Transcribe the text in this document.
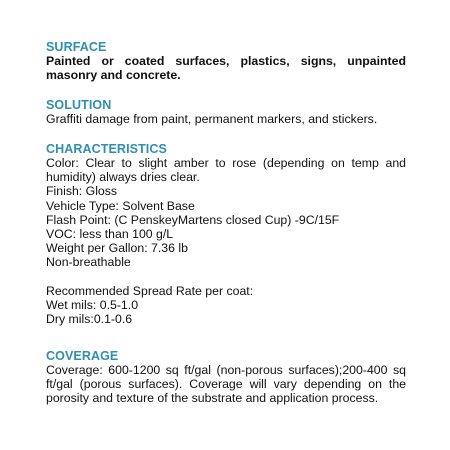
SURFACE

Painted or coated surfaces, plastics, signs, unpainted masonry and concrete.

SOLUTION

Graffiti damage from paint, permanent markers, and stickers.

CHARACTERISTICS

Color: Clear to slight amber to rose (depending on temp and humidity) always dries clear.

Finish: Gloss
Vehicle Type: Solvent Base
Flash Point: (C PenskeyMartens closed Cup) -9C/15F
VOC: less than 100 g/L
Weight per Gallon: 7.36 lb
Non-breathable
Recommended Spread Rate per coat:
Wet mils: 0.5-1.0
Dry mils:0.1-0.6

COVERAGE

Coverage: 600-1200 sq ft/gal (non-porous surfaces);200-400 sq ft/gal (porous surfaces). Coverage will vary depending on the porosity and texture of the substrate and application process.
